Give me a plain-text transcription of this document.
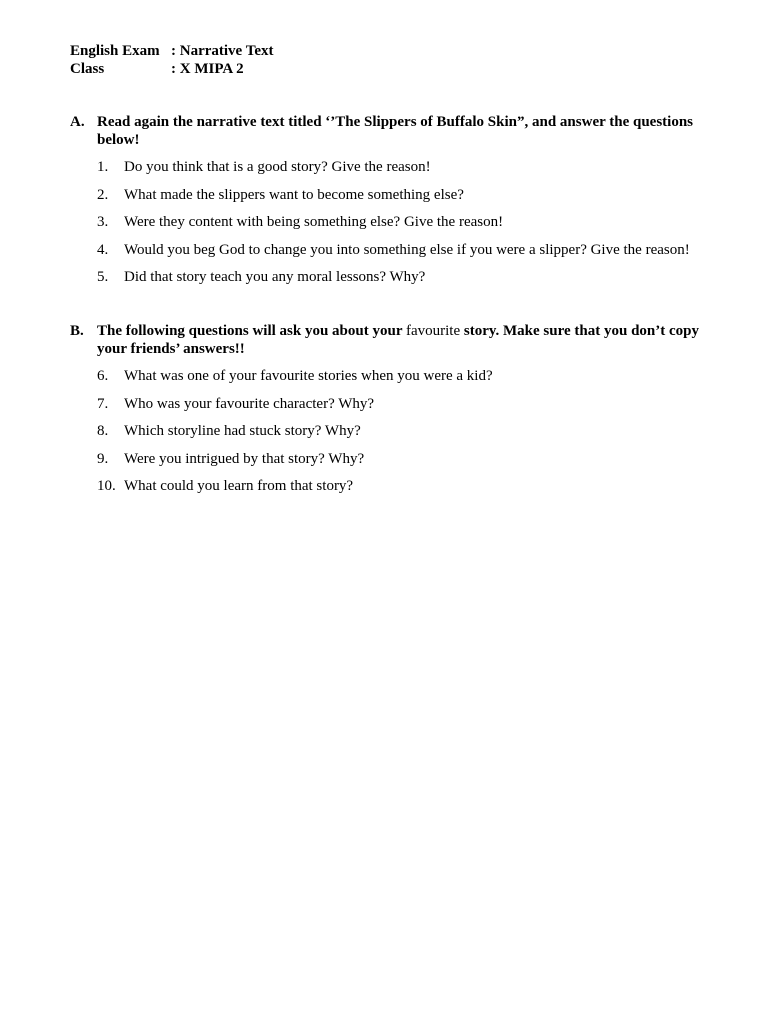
English Exam : Narrative Text
Class	: X MIPA 2
A. Read again the narrative text titled ‘’The Slippers of Buffalo Skin”, and answer the questions below!
1.	Do you think that is a good story? Give the reason!
2.	What made the slippers want to become something else?
3.	Were they content with being something else? Give the reason!
4.	Would you beg God to change you into something else if you were a slipper? Give the reason!
5.	Did that story teach you any moral lessons? Why?
B. The following questions will ask you about your favourite story. Make sure that you don’t copy your friends’ answers!!
6.	What was one of your favourite stories when you were a kid?
7.	Who was your favourite character? Why?
8.	Which storyline had stuck story? Why?
9.	Were you intrigued by that story? Why?
10. What could you learn from that story?
